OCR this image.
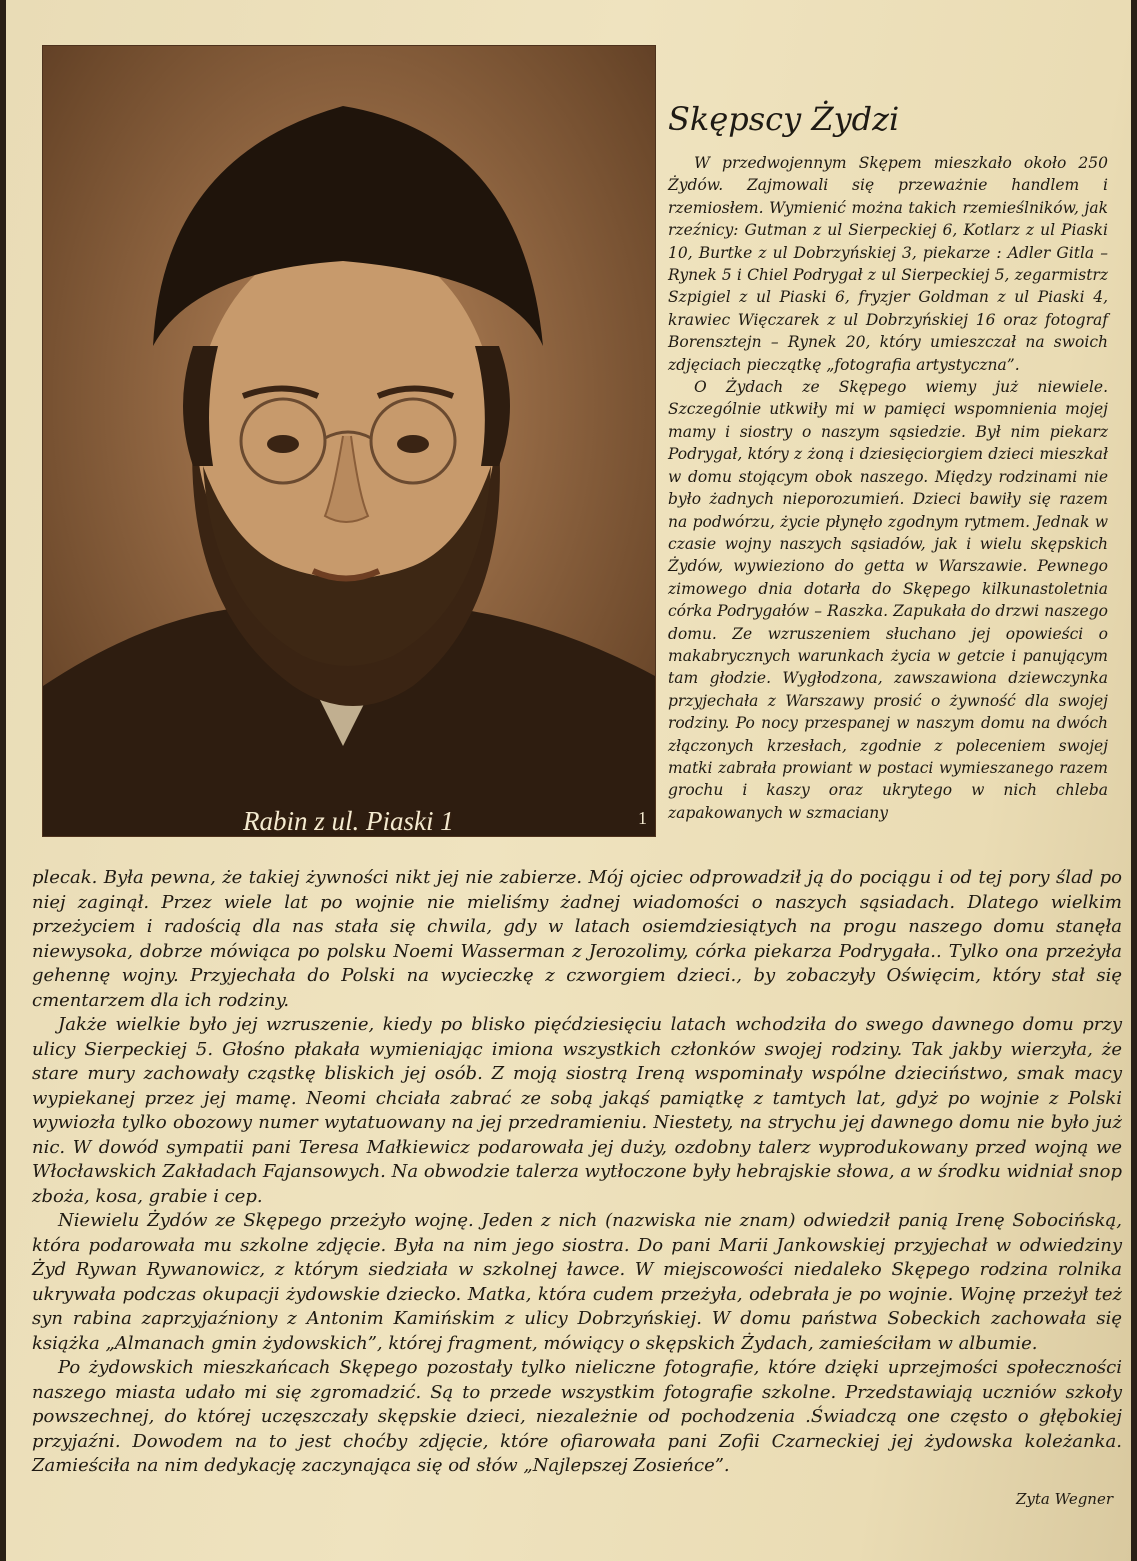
Rabin z ul. Piaski 1	1
Skępscy Żydzi

W przedwojennym Skępem mieszkało około 250 Żydów. Zajmowali się przeważnie handlem i rzemiosłem. Wymienić można takich rzemieślników, jak rzeźnicy: Gutman z ul Sierpeckiej 6, Kotlarz z ul Piaski 10, Burtke z ul Dobrzyńskiej 3, piekarze : Adler Gitla – Rynek 5 i Chiel Podrygał z ul Sierpeckiej 5, zegarmistrz Szpigiel z ul Piaski 6, fryzjer Goldman z ul Piaski 4, krawiec Więczarek z ul Dobrzyńskiej 16 oraz fotograf Borensztejn – Rynek 20, który umieszczał na swoich zdjęciach pieczątkę „fotografia artystyczna”.

O Żydach ze Skępego wiemy już niewiele. Szczególnie utkwiły mi w pamięci wspomnienia mojej mamy i siostry o naszym sąsiedzie. Był nim piekarz Podrygał, który z żoną i dziesięciorgiem dzieci mieszkał w domu stojącym obok naszego. Między rodzinami nie było żadnych nieporozumień. Dzieci bawiły się razem na podwórzu, życie płynęło zgodnym rytmem. Jednak w czasie wojny naszych sąsiadów, jak i wielu skępskich Żydów, wywieziono do getta w Warszawie. Pewnego zimowego dnia dotarła do Skępego kilkunastoletnia córka Podrygałów – Raszka. Zapukała do drzwi naszego domu. Ze wzruszeniem słuchano jej opowieści o makabrycznych warunkach życia w getcie i panującym tam głodzie. Wygłodzona, zawszawiona dziewczynka przyjechała z Warszawy prosić o żywność dla swojej rodziny. Po nocy przespanej w naszym domu na dwóch złączonych krzesłach, zgodnie z poleceniem swojej matki zabrała prowiant w postaci wymieszanego razem grochu i kaszy oraz ukrytego w nich chleba zapakowanych w szmaciany

plecak. Była pewna, że takiej żywności nikt jej nie zabierze. Mój ojciec odprowadził ją do pociągu i od tej pory ślad po niej zaginął. Przez wiele lat po wojnie nie mieliśmy żadnej wiadomości o naszych sąsiadach. Dlatego wielkim przeżyciem i radością dla nas stała się chwila, gdy w latach osiemdziesiątych na progu naszego domu stanęła niewysoka, dobrze mówiąca po polsku Noemi Wasserman z Jerozolimy, córka piekarza Podrygała.. Tylko ona przeżyła gehennę wojny. Przyjechała do Polski na wycieczkę z czworgiem dzieci., by zobaczyły Oświęcim, który stał się cmentarzem dla ich rodziny.

Jakże wielkie było jej wzruszenie, kiedy po blisko pięćdziesięciu latach wchodziła do swego dawnego domu przy ulicy Sierpeckiej 5. Głośno płakała wymieniając imiona wszystkich członków swojej rodziny. Tak jakby wierzyła, że stare mury zachowały cząstkę bliskich jej osób. Z moją siostrą Ireną wspominały wspólne dzieciństwo, smak macy wypiekanej przez jej mamę. Neomi chciała zabrać ze sobą jakąś pamiątkę z tamtych lat, gdyż po wojnie z Polski wywiozła tylko obozowy numer wytatuowany na jej przedramieniu. Niestety, na strychu jej dawnego domu nie było już nic. W dowód sympatii pani Teresa Małkiewicz podarowała jej duży, ozdobny talerz wyprodukowany przed wojną we Włocławskich Zakładach Fajansowych. Na obwodzie talerza wytłoczone były hebrajskie słowa, a w środku widniał snop zboża, kosa, grabie i cep.

Niewielu Żydów ze Skępego przeżyło wojnę. Jeden z nich (nazwiska nie znam) odwiedził panią Irenę Sobocińską, która podarowała mu szkolne zdjęcie. Była na nim jego siostra. Do pani Marii Jankowskiej przyjechał w odwiedziny Żyd Rywan Rywanowicz, z którym siedziała w szkolnej ławce. W miejscowości niedaleko Skępego rodzina rolnika ukrywała podczas okupacji żydowskie dziecko. Matka, która cudem przeżyła, odebrała je po wojnie. Wojnę przeżył też syn rabina zaprzyjaźniony z Antonim Kamińskim z ulicy Dobrzyńskiej. W domu państwa Sobeckich zachowała się książka „Almanach gmin żydowskich”, której fragment, mówiący o skępskich Żydach, zamieściłam w albumie.

Po żydowskich mieszkańcach Skępego pozostały tylko nieliczne fotografie, które dzięki uprzejmości społeczności naszego miasta udało mi się zgromadzić. Są to przede wszystkim fotografie szkolne. Przedstawiają uczniów szkoły powszechnej, do której uczęszczały skępskie dzieci, niezależnie od pochodzenia .Świadczą one często o głębokiej przyjaźni. Dowodem na to jest choćby zdjęcie, które ofiarowała pani Zofii Czarneckiej jej żydowska koleżanka. Zamieściła na nim dedykację zaczynająca się od słów „Najlepszej Zosieńce”.

Zyta Wegner
